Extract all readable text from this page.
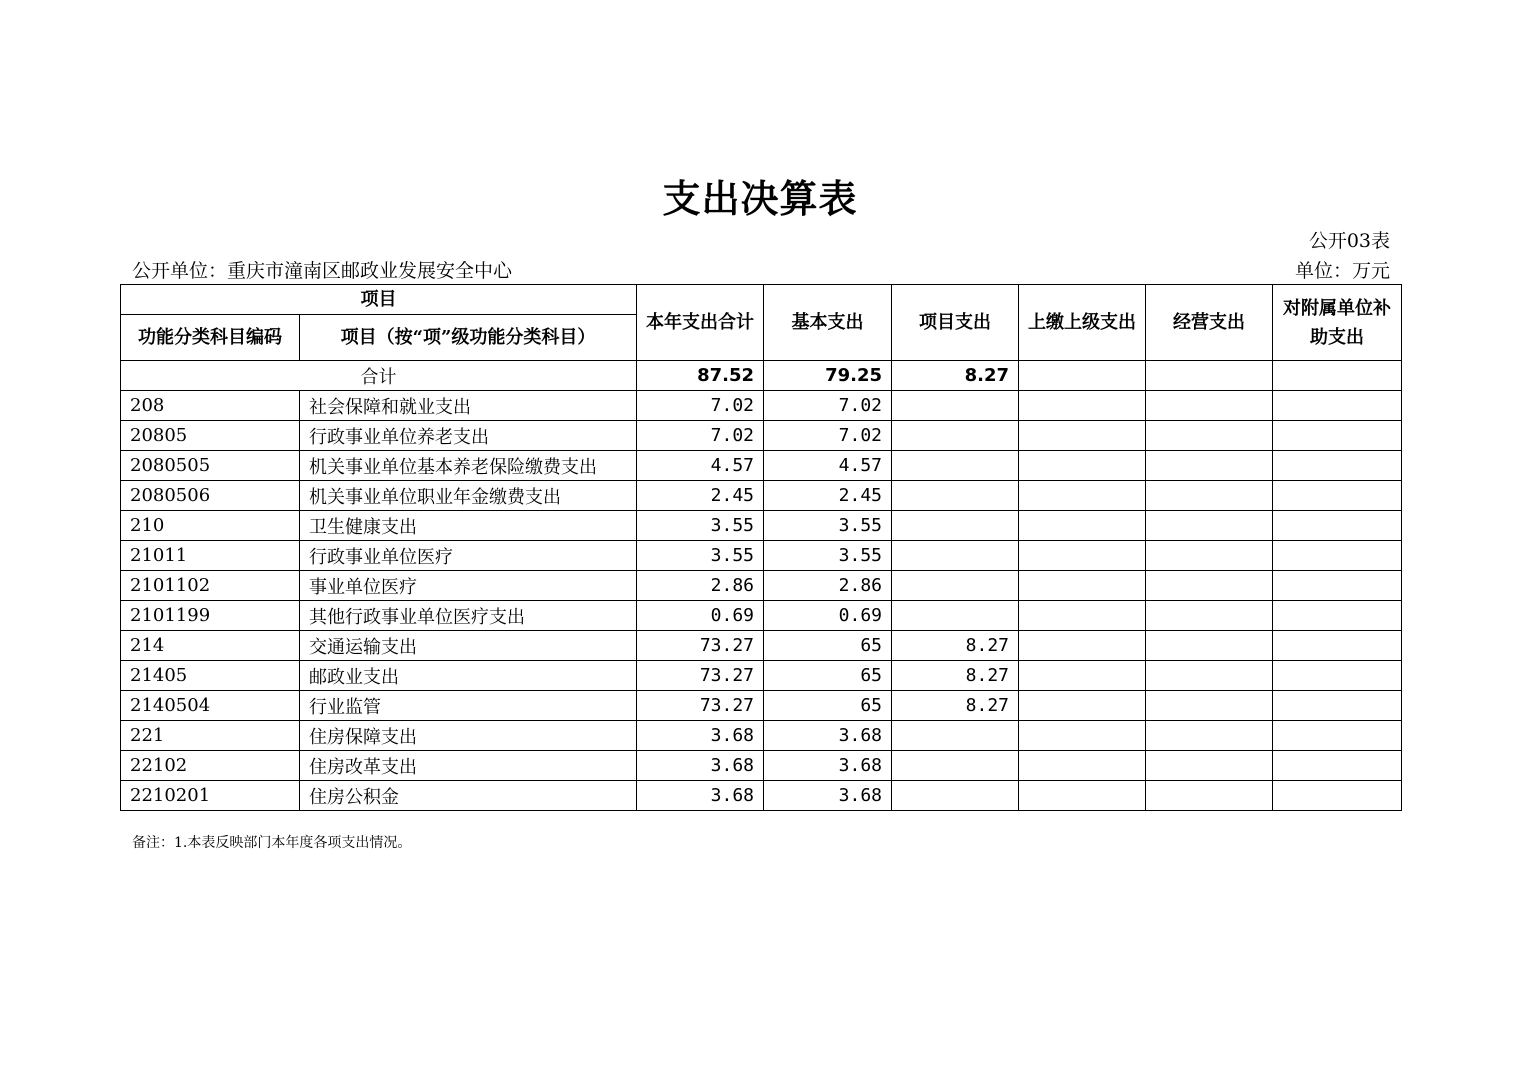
支出决算表
公开03表
公开单位：重庆市潼南区邮政业发展安全中心	单位：万元
项目		本年支出合计	基本支出	项目支出	上缴上级支出	经营支出	对附属单位补助支出
功能分类科目编码	项目（按“项”级功能分类科目）						
合计		87.52	79.25	8.27			
208	社会保障和就业支出	7.02	7.02				
20805	行政事业单位养老支出	7.02	7.02				
2080505	机关事业单位基本养老保险缴费支出	4.57	4.57				
2080506	机关事业单位职业年金缴费支出	2.45	2.45				
210	卫生健康支出	3.55	3.55				
21011	行政事业单位医疗	3.55	3.55				
2101102	事业单位医疗	2.86	2.86				
2101199	其他行政事业单位医疗支出	0.69	0.69				
214	交通运输支出	73.27	65	8.27			
21405	邮政业支出	73.27	65	8.27			
2140504	行业监管	73.27	65	8.27			
221	住房保障支出	3.68	3.68				
22102	住房改革支出	3.68	3.68				
2210201	住房公积金	3.68	3.68				
备注：1.本表反映部门本年度各项支出情况。
